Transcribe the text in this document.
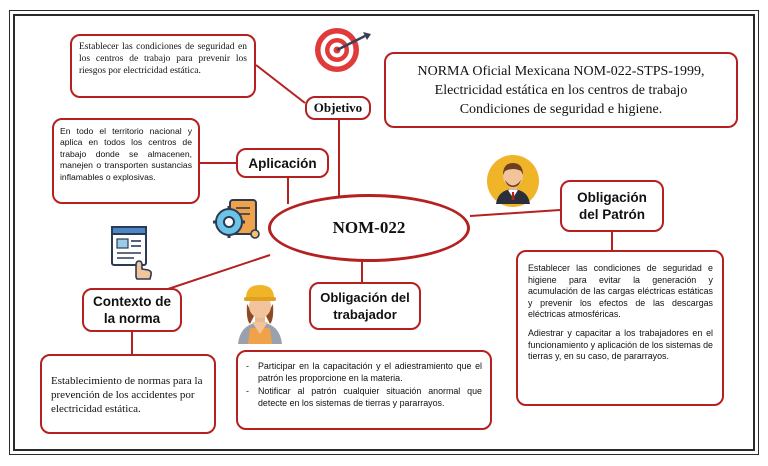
Establecer las condiciones de seguridad en los centros de trabajo para prevenir los riesgos por electricidad estática.
Objetivo
NORMA Oficial Mexicana NOM-022-STPS-1999,
Electricidad estática en los centros de trabajo
Condiciones de seguridad e higiene.
En todo el territorio nacional y aplica en todos los centros de trabajo donde se almacenen, manejen o transporten sustancias inflamables o explosivas.
Aplicación
NOM-022
Obligación
del Patrón
Establecer las condiciones de seguridad e higiene para evitar la generación y acumulación de las cargas eléctricas estáticas y prevenir los efectos de las descargas eléctricas atmosféricas.
Adiestrar y capacitar a los trabajadores en el funcionamiento y aplicación de los sistemas de tierras y, en su caso, de pararrayos.
Contexto de
la norma
Establecimiento de normas para la prevención de los accidentes por electricidad estática.
Obligación del
trabajador
-	Participar en la capacitación y el adiestramiento que el patrón les proporcione en la materia.
-	Notificar al patrón cualquier situación anormal que detecte en los sistemas de tierras y pararrayos.
